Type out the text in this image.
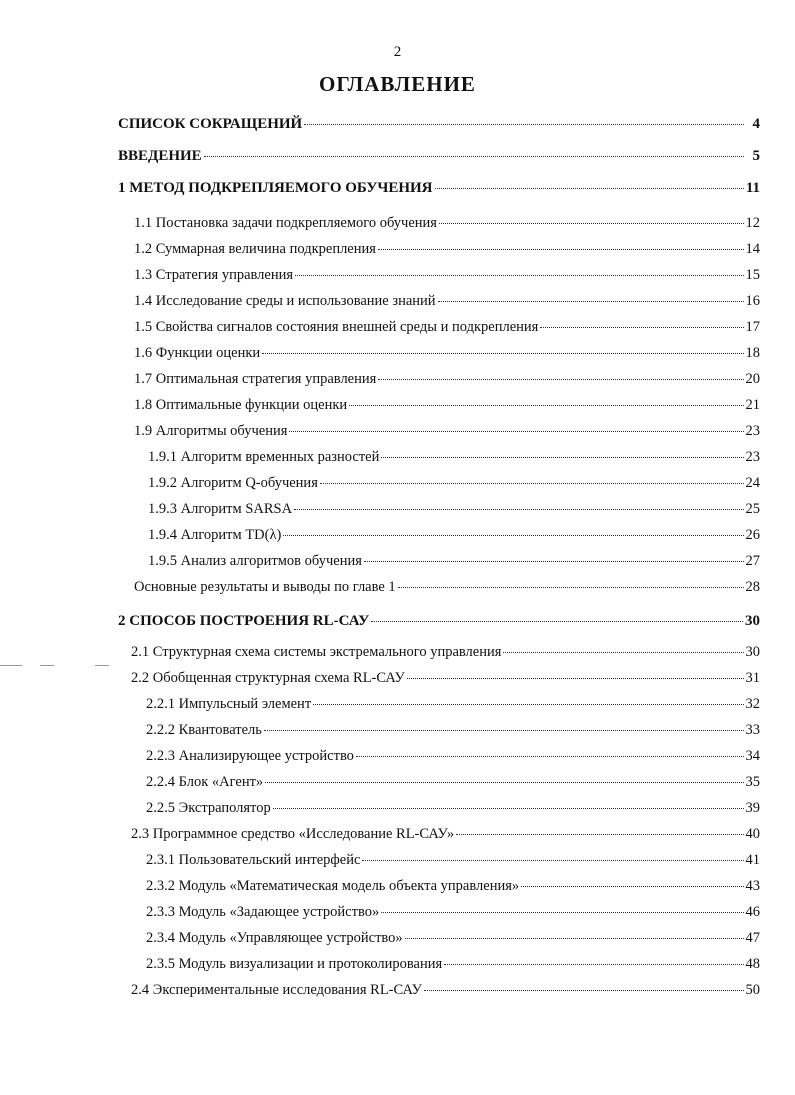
2
ОГЛАВЛЕНИЕ
СПИСОК СОКРАЩЕНИЙ	4
ВВЕДЕНИЕ	5
1 МЕТОД ПОДКРЕПЛЯЕМОГО ОБУЧЕНИЯ	11
1.1 Постановка задачи подкрепляемого обучения	12
1.2 Суммарная величина подкрепления	14
1.3 Стратегия управления	15
1.4 Исследование среды и использование знаний	16
1.5 Свойства сигналов состояния внешней среды и подкрепления	17
1.6 Функции оценки	18
1.7 Оптимальная стратегия управления	20
1.8 Оптимальные функции оценки	21
1.9 Алгоритмы обучения	23
1.9.1 Алгоритм временных разностей	23
1.9.2 Алгоритм Q-обучения	24
1.9.3 Алгоритм SARSA	25
1.9.4 Алгоритм TD(λ)	26
1.9.5 Анализ алгоритмов обучения	27
Основные результаты и выводы по главе 1	28
2 СПОСОБ ПОСТРОЕНИЯ RL-САУ	30
2.1 Структурная схема системы экстремального управления	30
2.2 Обобщенная структурная схема RL-САУ	31
2.2.1 Импульсный элемент	32
2.2.2 Квантователь	33
2.2.3 Анализирующее устройство	34
2.2.4 Блок «Агент»	35
2.2.5 Экстраполятор	39
2.3 Программное средство «Исследование RL-САУ»	40
2.3.1 Пользовательский интерфейс	41
2.3.2 Модуль «Математическая модель объекта управления»	43
2.3.3 Модуль «Задающее устройство»	46
2.3.4 Модуль «Управляющее устройство»	47
2.3.5 Модуль визуализации и протоколирования	48
2.4 Экспериментальные исследования RL-САУ	50
